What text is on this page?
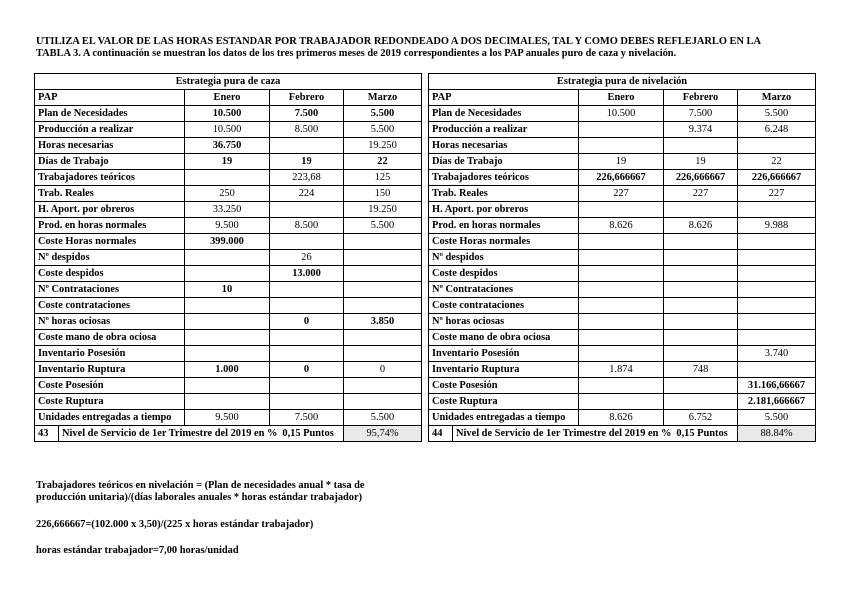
UTILIZA EL VALOR DE LAS HORAS ESTANDAR POR TRABAJADOR REDONDEADO A DOS DECIMALES, TAL Y COMO DEBES REFLEJARLO EN LA
TABLA 3. A continuación se muestran los datos de los tres primeros meses de 2019 correspondientes a los PAP anuales puro de caza y nivelación.
Estrategia pura de caza			
PAP	Enero	Febrero	Marzo
Plan de Necesidades	10.500	7.500	5.500
Producción a realizar	10.500	8.500	5.500
Horas necesarias	36.750		19.250
Días de Trabajo	19	19	22
Trabajadores teóricos		223,68	125
Trab. Reales	250	224	150
H. Aport. por obreros	33.250		19.250
Prod. en horas normales	9.500	8.500	5.500
Coste Horas normales	399.000		
Nº despidos		26	
Coste despidos		13.000	
Nº Contrataciones	10		
Coste contrataciones			
Nº horas ociosas		0	3.850
Coste mano de obra ociosa			
Inventario Posesión			
Inventario Ruptura	1.000	0	0
Coste Posesión			
Coste Ruptura			
Unidades entregadas a tiempo	9.500	7.500	5.500
43 Nivel de Servicio de 1er Trimestre del 2019 en % 0,15 Puntos			95,74%
Estrategia pura de nivelación			
PAP	Enero	Febrero	Marzo
Plan de Necesidades	10.500	7.500	5.500
Producción a realizar		9.374	6.248
Horas necesarias			
Días de Trabajo	19	19	22
Trabajadores teóricos	226,666667	226,666667	226,666667
Trab. Reales	227	227	227
H. Aport. por obreros			
Prod. en horas normales	8.626	8.626	9.988
Coste Horas normales			
Nº despidos			
Coste despidos			
Nº Contrataciones			
Coste contrataciones			
Nº horas ociosas			
Coste mano de obra ociosa			
Inventario Posesión			3.740
Inventario Ruptura	1.874	748	
Coste Posesión			31.166,66667
Coste Ruptura			2.181,666667
Unidades entregadas a tiempo	8.626	6.752	5.500
44 Nivel de Servicio de 1er Trimestre del 2019 en % 0,15 Puntos			88.84%
Trabajadores teóricos en nivelación = (Plan de necesidades anual * tasa de
producción unitaria)/(días laborales anuales * horas estándar trabajador)
226,666667=(102.000 x 3,50)/(225 x horas estándar trabajador)
horas estándar trabajador=7,00 horas/unidad
